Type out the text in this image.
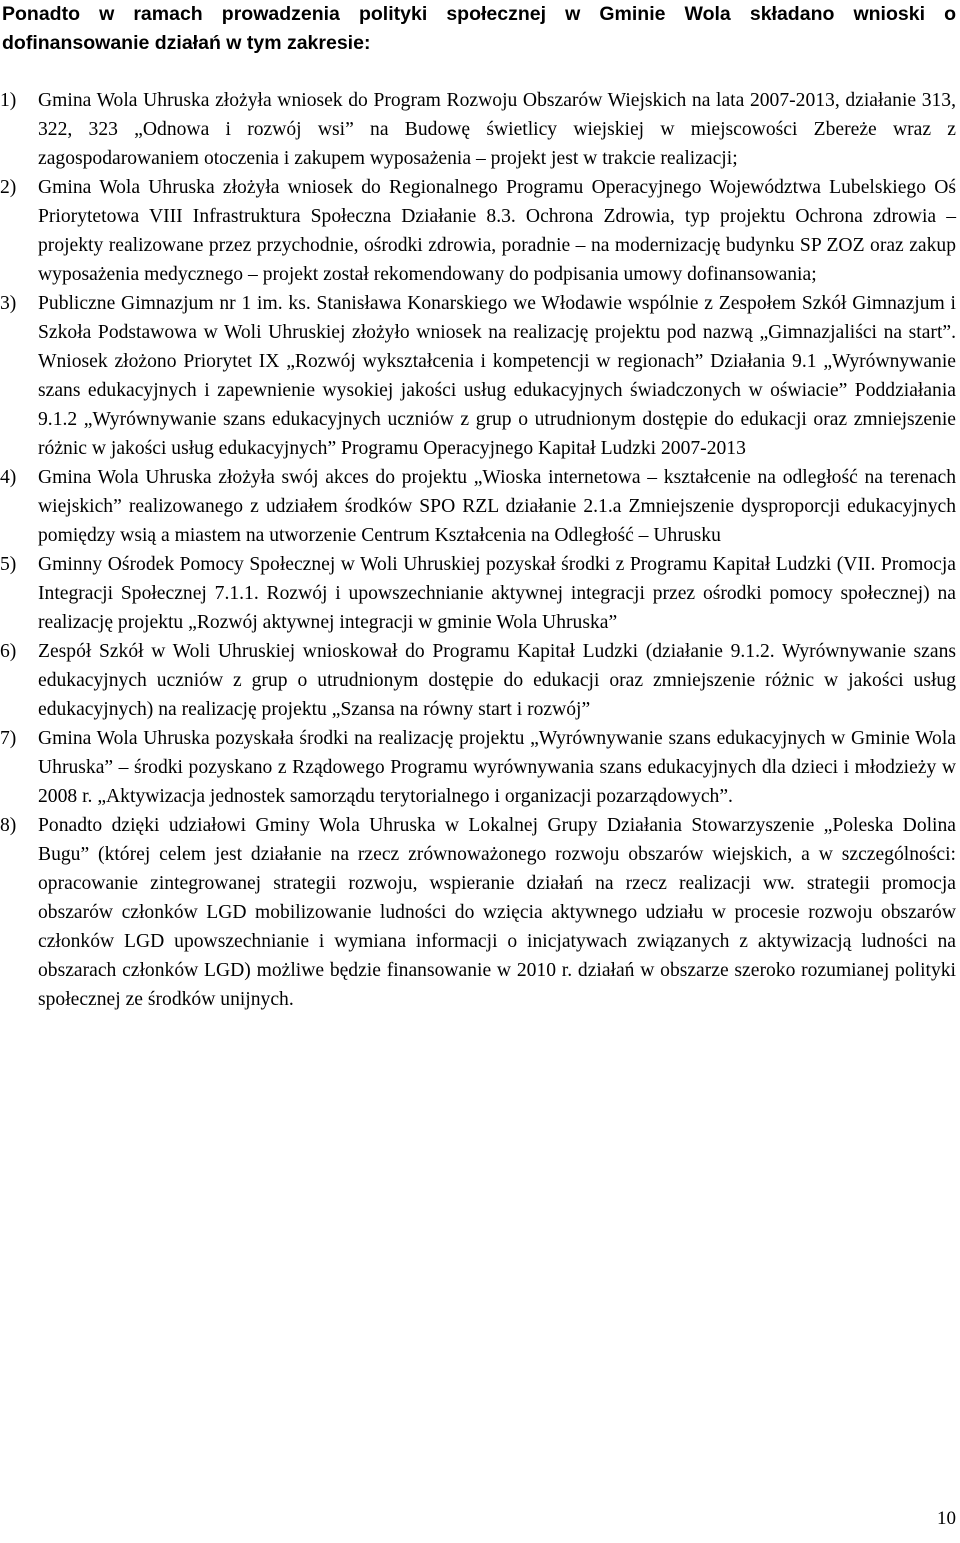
Ponadto w ramach prowadzenia polityki społecznej w Gminie Wola składano wnioski o dofinansowanie działań w tym zakresie:

1)	Gmina Wola Uhruska złożyła wniosek do Program Rozwoju Obszarów Wiejskich na lata 2007-2013, działanie 313, 322, 323 „Odnowa i rozwój wsi” na Budowę świetlicy wiejskiej w miejscowości Zbereże wraz z zagospodarowaniem otoczenia i zakupem wyposażenia – projekt jest w trakcie realizacji;
2)	Gmina Wola Uhruska złożyła wniosek do Regionalnego Programu Operacyjnego Województwa Lubelskiego Oś Priorytetowa VIII Infrastruktura Społeczna Działanie 8.3. Ochrona Zdrowia, typ projektu Ochrona zdrowia – projekty realizowane przez przychodnie, ośrodki zdrowia, poradnie – na modernizację budynku SP ZOZ oraz zakup wyposażenia medycznego – projekt został rekomendowany do podpisania umowy dofinansowania;
3)	Publiczne Gimnazjum nr 1 im. ks. Stanisława Konarskiego we Włodawie wspólnie z Zespołem Szkół Gimnazjum i Szkoła Podstawowa w Woli Uhruskiej złożyło wniosek na realizację projektu pod nazwą „Gimnazjaliści na start”. Wniosek złożono Priorytet IX „Rozwój wykształcenia i kompetencji w regionach” Działania 9.1 „Wyrównywanie szans edukacyjnych i zapewnienie wysokiej jakości usług edukacyjnych świadczonych w oświacie” Poddziałania 9.1.2 „Wyrównywanie szans edukacyjnych uczniów z grup o utrudnionym dostępie do edukacji oraz zmniejszenie różnic w jakości usług edukacyjnych” Programu Operacyjnego Kapitał Ludzki 2007-2013
4)	Gmina Wola Uhruska złożyła swój akces do projektu „Wioska internetowa – kształcenie na odległość na terenach wiejskich” realizowanego z udziałem środków SPO RZL działanie 2.1.a Zmniejszenie dysproporcji edukacyjnych pomiędzy wsią a miastem na utworzenie Centrum Kształcenia na Odległość – Uhrusku
5)	Gminny Ośrodek Pomocy Społecznej w Woli Uhruskiej pozyskał środki z Programu Kapitał Ludzki (VII. Promocja Integracji Społecznej 7.1.1. Rozwój i upowszechnianie aktywnej integracji przez ośrodki pomocy społecznej) na realizację projektu „Rozwój aktywnej integracji w gminie Wola Uhruska”
6)	Zespół Szkół w Woli Uhruskiej wnioskował do Programu Kapitał Ludzki (działanie 9.1.2. Wyrównywanie szans edukacyjnych uczniów z grup o utrudnionym dostępie do edukacji oraz zmniejszenie różnic w jakości usług edukacyjnych) na realizację projektu „Szansa na równy start i rozwój”
7)	Gmina Wola Uhruska pozyskała środki na realizację projektu „Wyrównywanie szans edukacyjnych w Gminie Wola Uhruska” – środki pozyskano z Rządowego Programu wyrównywania szans edukacyjnych dla dzieci i młodzieży w 2008 r. „Aktywizacja jednostek samorządu terytorialnego i organizacji pozarządowych”.
8)	Ponadto dzięki udziałowi Gminy Wola Uhruska w Lokalnej Grupy Działania Stowarzyszenie „Poleska Dolina Bugu” (której celem jest działanie na rzecz zrównoważonego rozwoju obszarów wiejskich, a w szczególności: opracowanie zintegrowanej strategii rozwoju, wspieranie działań na rzecz realizacji ww. strategii promocja obszarów członków LGD mobilizowanie ludności do wzięcia aktywnego udziału w procesie rozwoju obszarów członków LGD upowszechnianie i wymiana informacji o inicjatywach związanych z aktywizacją ludności na obszarach członków LGD) możliwe będzie finansowanie w 2010 r. działań w obszarze szeroko rozumianej polityki społecznej ze środków unijnych.
10
